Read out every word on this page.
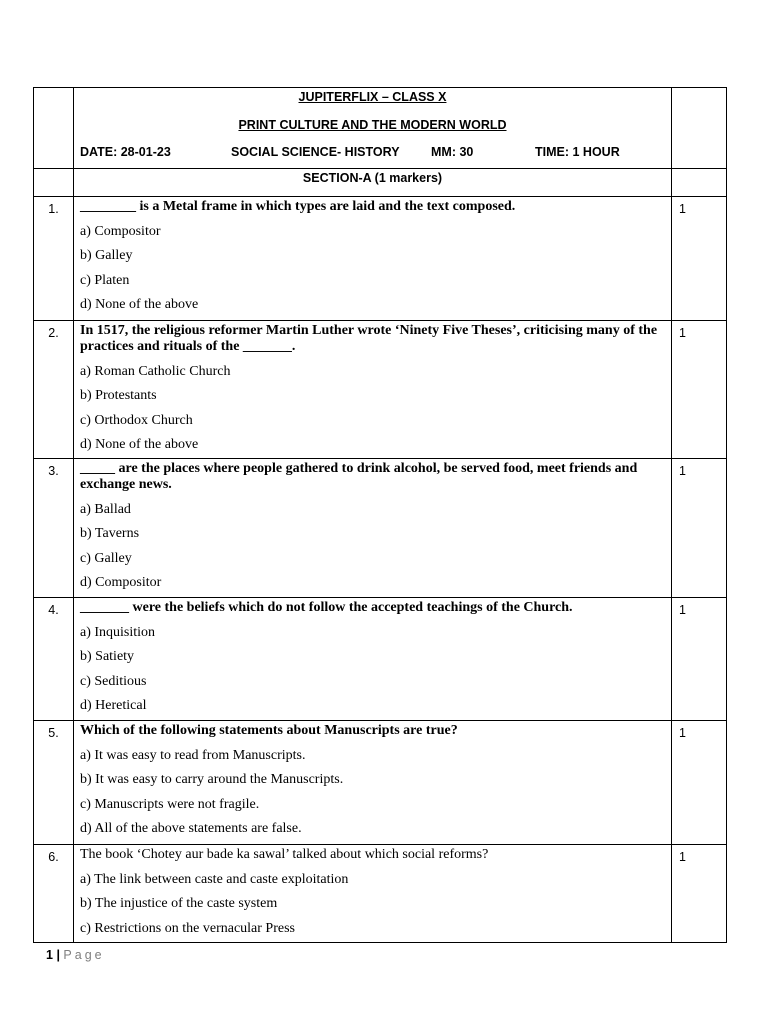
	JUPITERFLIX – CLASS X
PRINT CULTURE AND THE MODERN WORLD
DATE: 28-01-23 SOCIAL SCIENCE- HISTORY MM: 30 TIME: 1 HOUR	

	SECTION-A (1 markers)	

1.	________ is a Metal frame in which types are laid and the text composed.
a) Compositor
b) Galley
c) Platen
d) None of the above	1
2.	In 1517, the religious reformer Martin Luther wrote ‘Ninety Five Theses’, criticising many of the practices and rituals of the _______.
a) Roman Catholic Church
b) Protestants
c) Orthodox Church
d) None of the above	1
3.	_____ are the places where people gathered to drink alcohol, be served food, meet friends and exchange news.
a) Ballad
b) Taverns
c) Galley
d) Compositor	1
4.	_______ were the beliefs which do not follow the accepted teachings of the Church.
a) Inquisition
b) Satiety
c) Seditious
d) Heretical	1
5.	Which of the following statements about Manuscripts are true?
a) It was easy to read from Manuscripts.
b) It was easy to carry around the Manuscripts.
c) Manuscripts were not fragile.
d) All of the above statements are false.	1
6.	The book ‘Chotey aur bade ka sawal’ talked about which social reforms?
a) The link between caste and caste exploitation
b) The injustice of the caste system
c) Restrictions on the vernacular Press	1
1 | Page
